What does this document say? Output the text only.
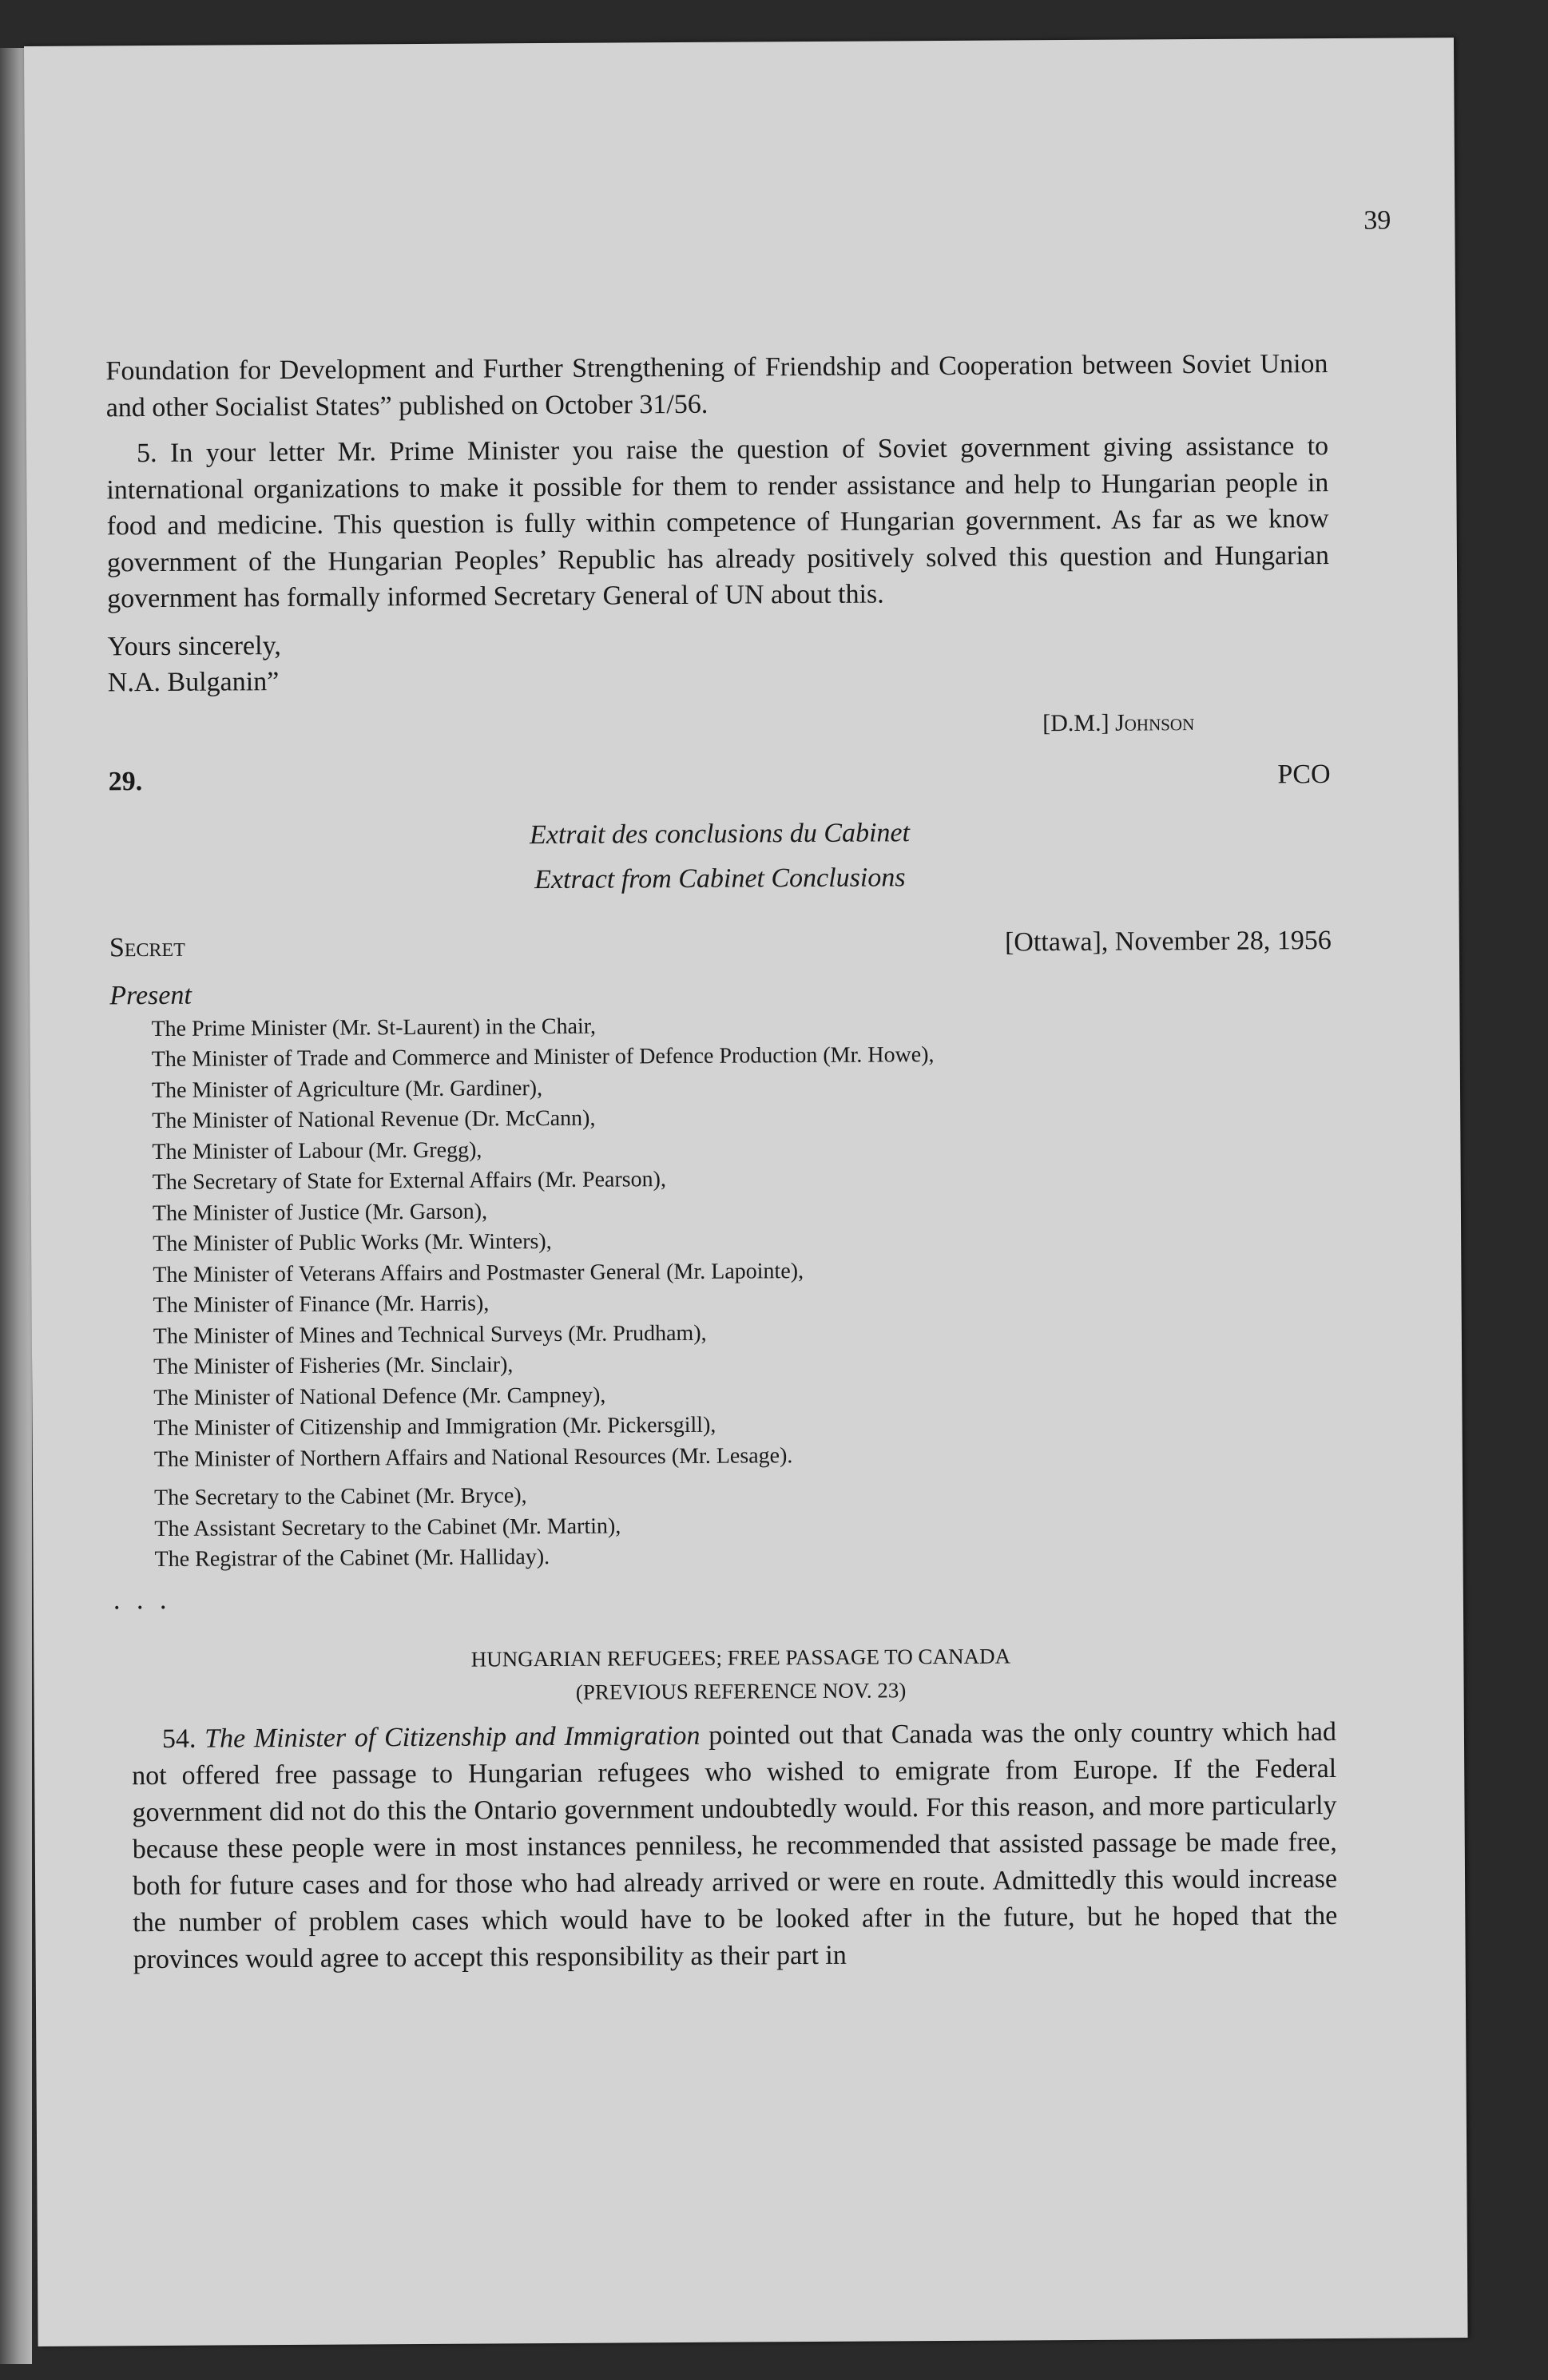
39

Foundation for Development and Further Strengthening of Friendship and Cooperation between Soviet Union and other Socialist States” published on October 31/56.

5. In your letter Mr. Prime Minister you raise the question of Soviet government giving assistance to international organizations to make it possible for them to render assistance and help to Hungarian people in food and medicine. This question is fully within competence of Hungarian government. As far as we know government of the Hungarian Peoples’ Republic has already positively solved this question and Hungarian government has formally informed Secretary General of UN about this.

Yours sincerely,

N.A. Bulganin”

[D.M.] Johnson
29.	PCO
Extrait des conclusions du Cabinet
Extract from Cabinet Conclusions
Secret	[Ottawa], November 28, 1956
Present
The Prime Minister (Mr. St-Laurent) in the Chair,
The Minister of Trade and Commerce and Minister of Defence Production (Mr. Howe),
The Minister of Agriculture (Mr. Gardiner),
The Minister of National Revenue (Dr. McCann),
The Minister of Labour (Mr. Gregg),
The Secretary of State for External Affairs (Mr. Pearson),
The Minister of Justice (Mr. Garson),
The Minister of Public Works (Mr. Winters),
The Minister of Veterans Affairs and Postmaster General (Mr. Lapointe),
The Minister of Finance (Mr. Harris),
The Minister of Mines and Technical Surveys (Mr. Prudham),
The Minister of Fisheries (Mr. Sinclair),
The Minister of National Defence (Mr. Campney),
The Minister of Citizenship and Immigration (Mr. Pickersgill),
The Minister of Northern Affairs and National Resources (Mr. Lesage).
The Secretary to the Cabinet (Mr. Bryce),
The Assistant Secretary to the Cabinet (Mr. Martin),
The Registrar of the Cabinet (Mr. Halliday).
. . .
HUNGARIAN REFUGEES; FREE PASSAGE TO CANADA
(PREVIOUS REFERENCE NOV. 23)

54. The Minister of Citizenship and Immigration pointed out that Canada was the only country which had not offered free passage to Hungarian refugees who wished to emigrate from Europe. If the Federal government did not do this the Ontario government undoubtedly would. For this reason, and more particularly because these people were in most instances penniless, he recommended that assisted passage be made free, both for future cases and for those who had already arrived or were en route. Admittedly this would increase the number of problem cases which would have to be looked after in the future, but he hoped that the provinces would agree to accept this responsibility as their part in
